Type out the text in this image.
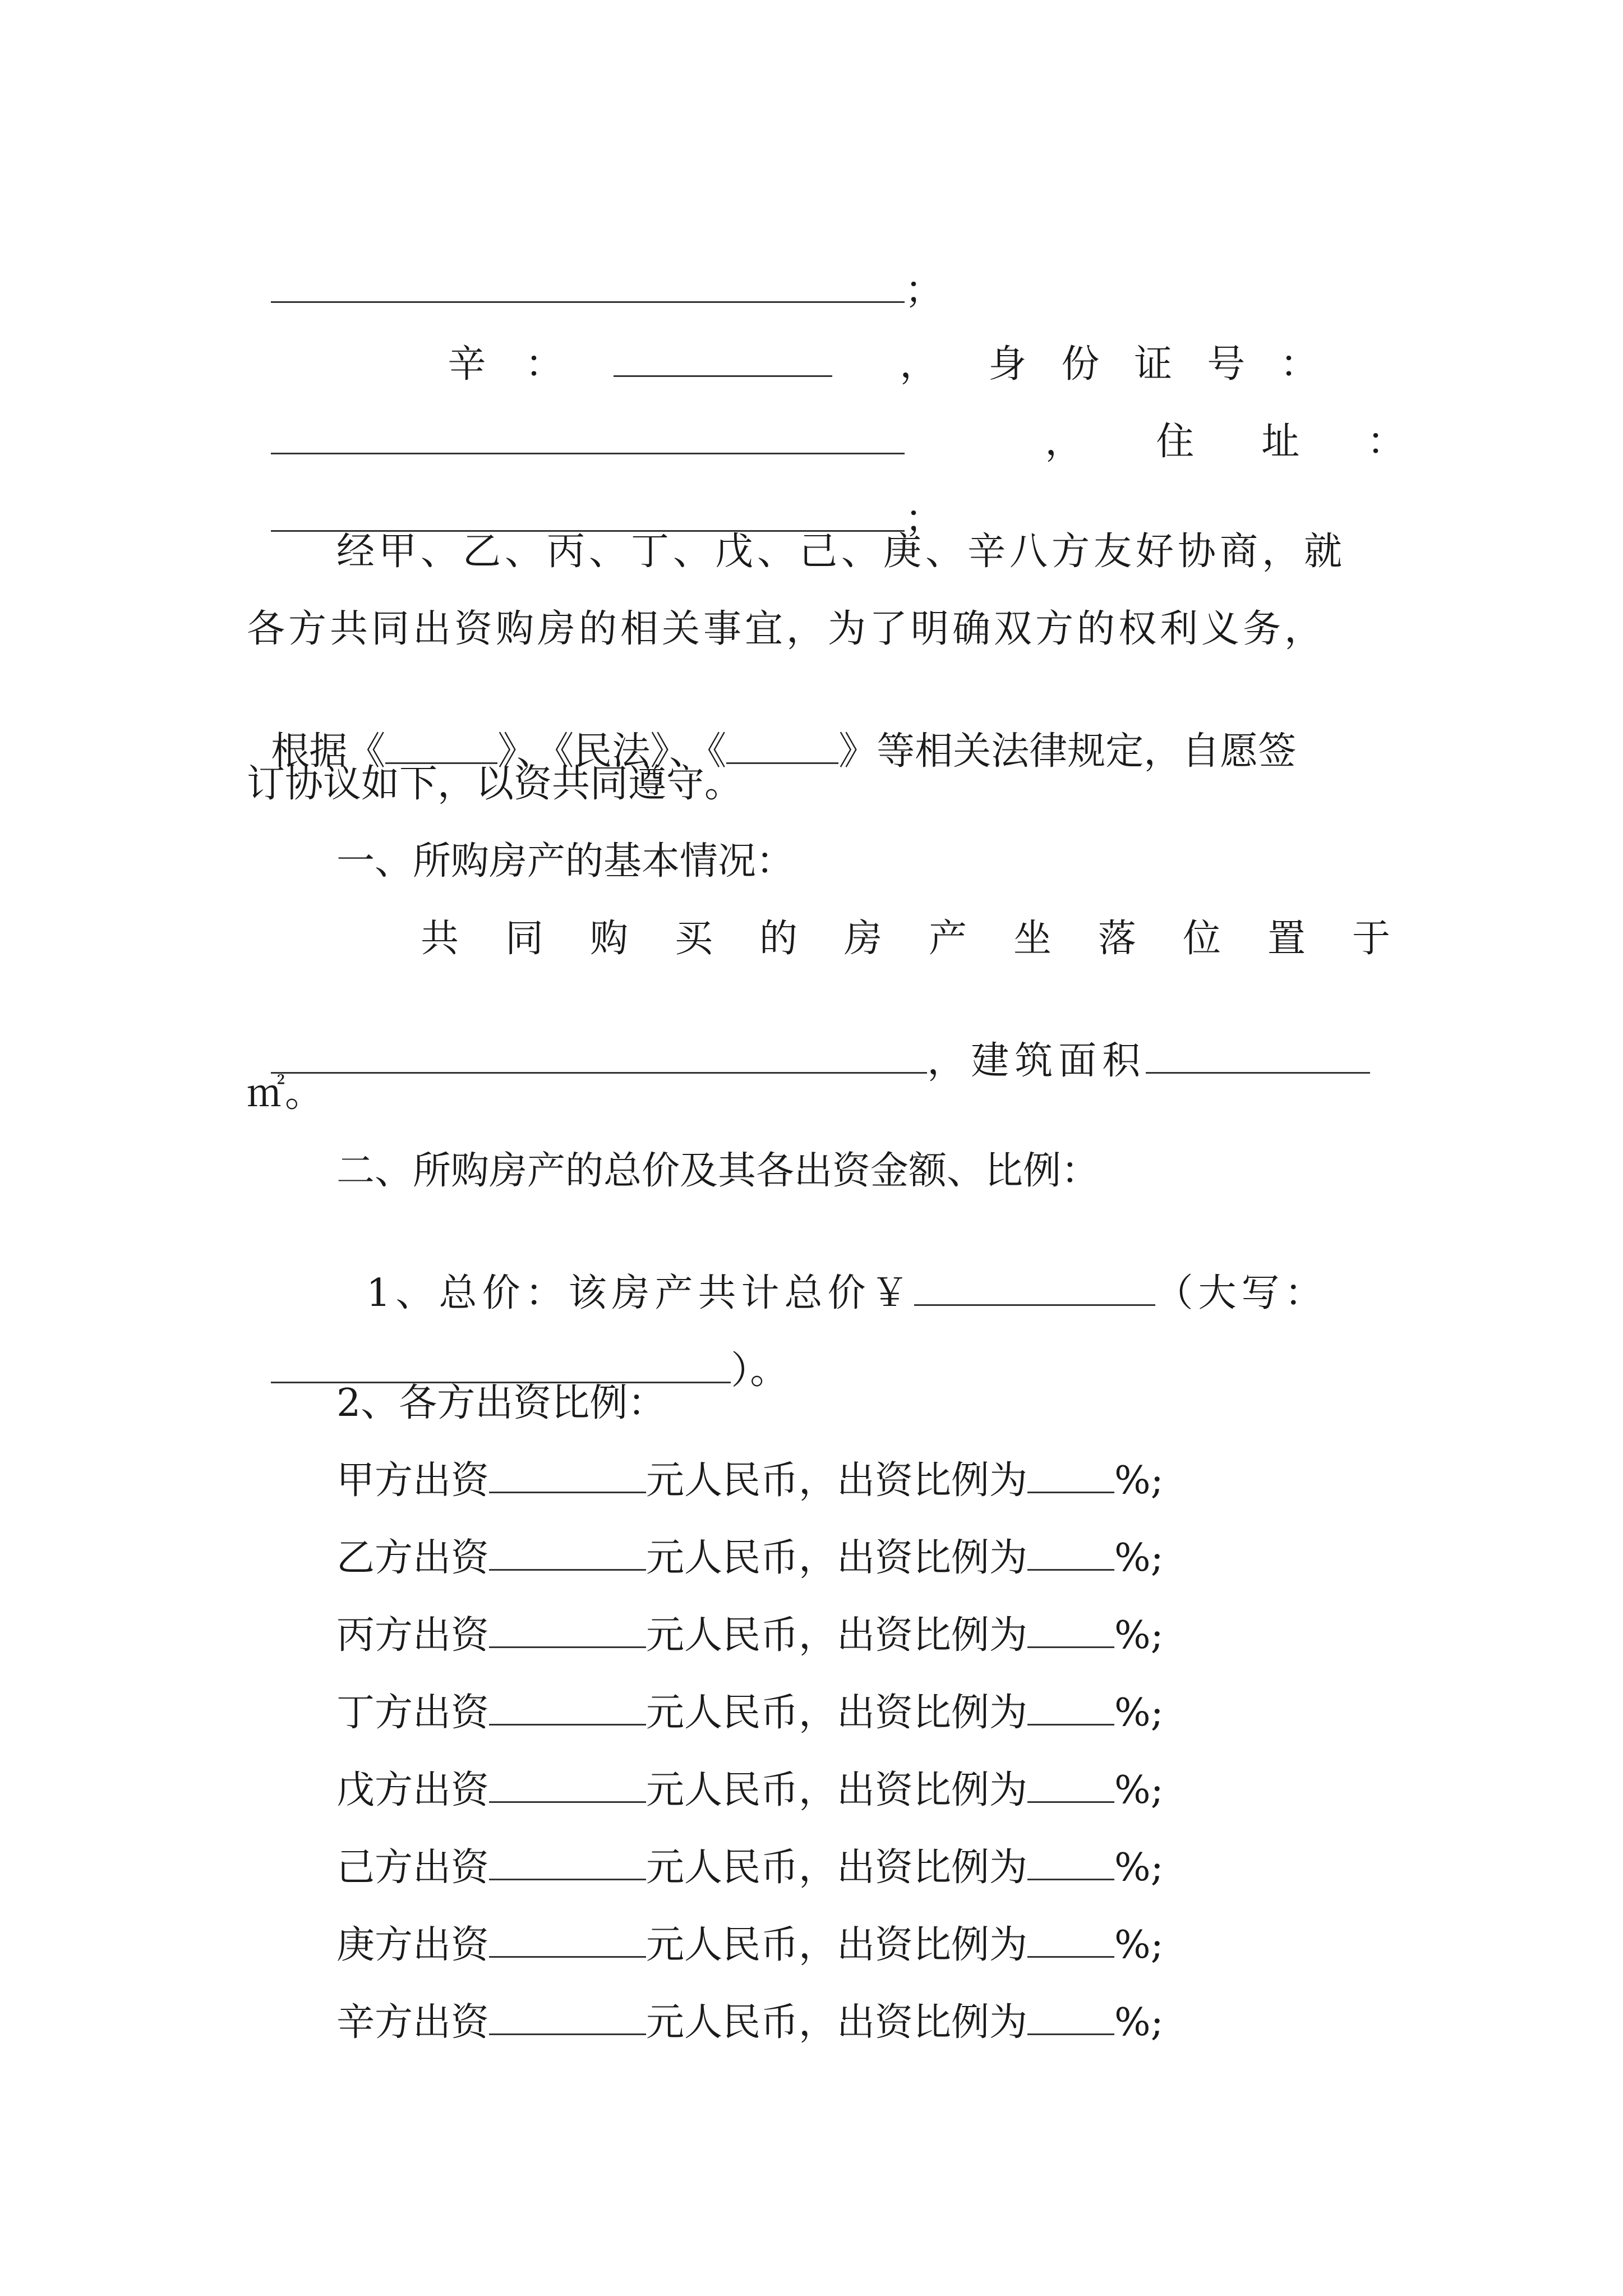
；

辛：	， 身份证号：

， 住址：

；

经甲、乙、丙、丁、戊、己、庚、辛八方友好协商，就
各方共同出资购房的相关事宜，为了明确双方的权利义务，

根据《	》、《民法》、《	》等相关法律规定，自愿签

订协议如下，以资共同遵守。
一、所购房产的基本情况：
共同购买的房产坐落位置于

，建筑面积

㎡。
二、所购房产的总价及其各出资金额、比例：

1、总价：该房产共计总价￥	（大写：

）。

2、各方出资比例：
甲方出资	元人民币，出资比例为 %;
乙方出资	元人民币，出资比例为 %;
丙方出资	元人民币，出资比例为 %;
丁方出资	元人民币，出资比例为 %;
戊方出资	元人民币，出资比例为 %;
己方出资	元人民币，出资比例为 %;
庚方出资	元人民币，出资比例为 %;
辛方出资	元人民币，出资比例为 %;
